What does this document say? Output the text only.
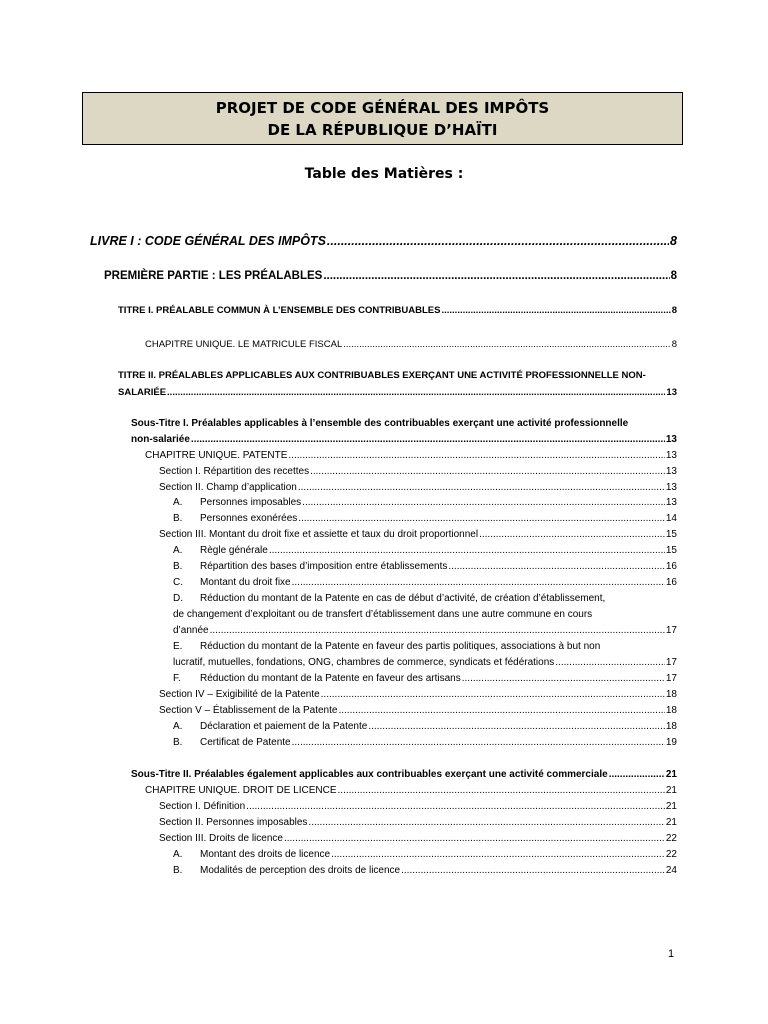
PROJET DE CODE GÉNÉRAL DES IMPÔTS
DE LA RÉPUBLIQUE D’HAÏTI
Table des Matières :
LIVRE I : CODE GÉNÉRAL DES IMPÔTS .....	8
PREMIÈRE PARTIE : LES PRÉALABLES .....	8
TITRE I. PRÉALABLE COMMUN À L’ENSEMBLE DES CONTRIBUABLES .....	8
CHAPITRE UNIQUE. LE MATRICULE FISCAL .....	8
TITRE II. PRÉALABLES APPLICABLES AUX CONTRIBUABLES EXERÇANT UNE ACTIVITÉ PROFESSIONNELLE NON-
SALARIÉE .....	13
Sous-Titre I. Préalables applicables à l’ensemble des contribuables exerçant une activité professionnelle
non-salariée .....	13
CHAPITRE UNIQUE. PATENTE .....	13
Section I. Répartition des recettes .....	13
Section II. Champ d’application .....	13
A.	Personnes imposables .....	13
B.	Personnes exonérées .....	14
Section III. Montant du droit fixe et assiette et taux du droit proportionnel .....	15
A.	Règle générale .....	15
B.	Répartition des bases d’imposition entre établissements .....	16
C.	Montant du droit fixe .....	16
D. Réduction du montant de la Patente en cas de début d’activité, de création d’établissement,
de changement d’exploitant ou de transfert d’établissement dans une autre commune en cours
d’année .....	17
E. Réduction du montant de la Patente en faveur des partis politiques, associations à but non
lucratif, mutuelles, fondations, ONG, chambres de commerce, syndicats et fédérations .....	17
F.	Réduction du montant de la Patente en faveur des artisans .....	17
Section IV – Exigibilité de la Patente .....	18
Section V – Établissement de la Patente .....	18
A.	Déclaration et paiement de la Patente .....	18
B.	Certificat de Patente .....	19
Sous-Titre II. Préalables également applicables aux contribuables exerçant une activité commerciale .....	21
CHAPITRE UNIQUE. DROIT DE LICENCE .....	21
Section I. Définition .....	21
Section II. Personnes imposables .....	21
Section III. Droits de licence .....	22
A.	Montant des droits de licence .....	22
B.	Modalités de perception des droits de licence .....	24
1
